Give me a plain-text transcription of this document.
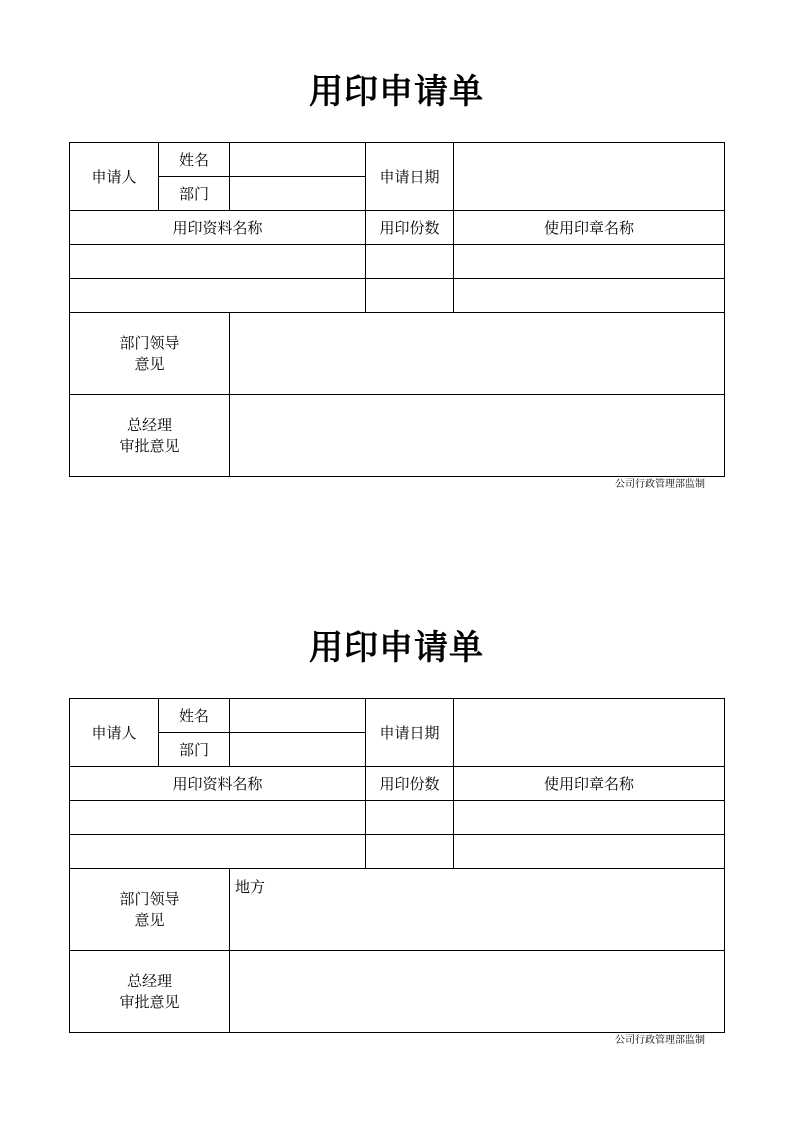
用印申请单
申请人	姓名		申请日期	
	部门			
用印资料名称			用印份数	使用印章名称

部门领导
意见				

总经理
审批意见				

公司行政管理部监制
用印申请单
申请人	姓名		申请日期	
	部门			
用印资料名称			用印份数	使用印章名称

部门领导
意见		地方		

总经理
审批意见				

公司行政管理部监制
